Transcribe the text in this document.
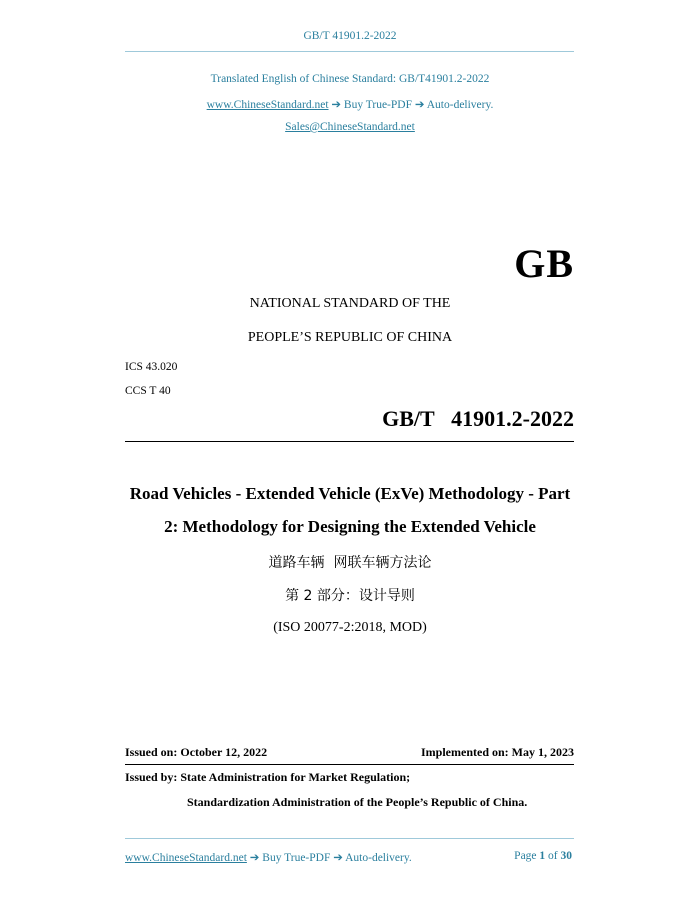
GB/T 41901.2-2022
Translated English of Chinese Standard: GB/T41901.2-2022
www.ChineseStandard.net ➔ Buy True-PDF ➔ Auto-delivery.
Sales@ChineseStandard.net
GB
NATIONAL STANDARD OF THE
PEOPLE’S REPUBLIC OF CHINA
ICS 43.020
CCS T 40
GB/T  41901.2-2022
Road Vehicles - Extended Vehicle (ExVe) Methodology - Part
2: Methodology for Designing the Extended Vehicle
道路车辆  网联车辆方法论
第 2 部分：设计导则
(ISO 20077-2:2018, MOD)
Issued on: October 12, 2022	Implemented on: May 1, 2023
Issued by: State Administration for Market Regulation;
Standardization Administration of the People’s Republic of China.
www.ChineseStandard.net ➔ Buy True-PDF ➔ Auto-delivery.	Page 1 of 30
